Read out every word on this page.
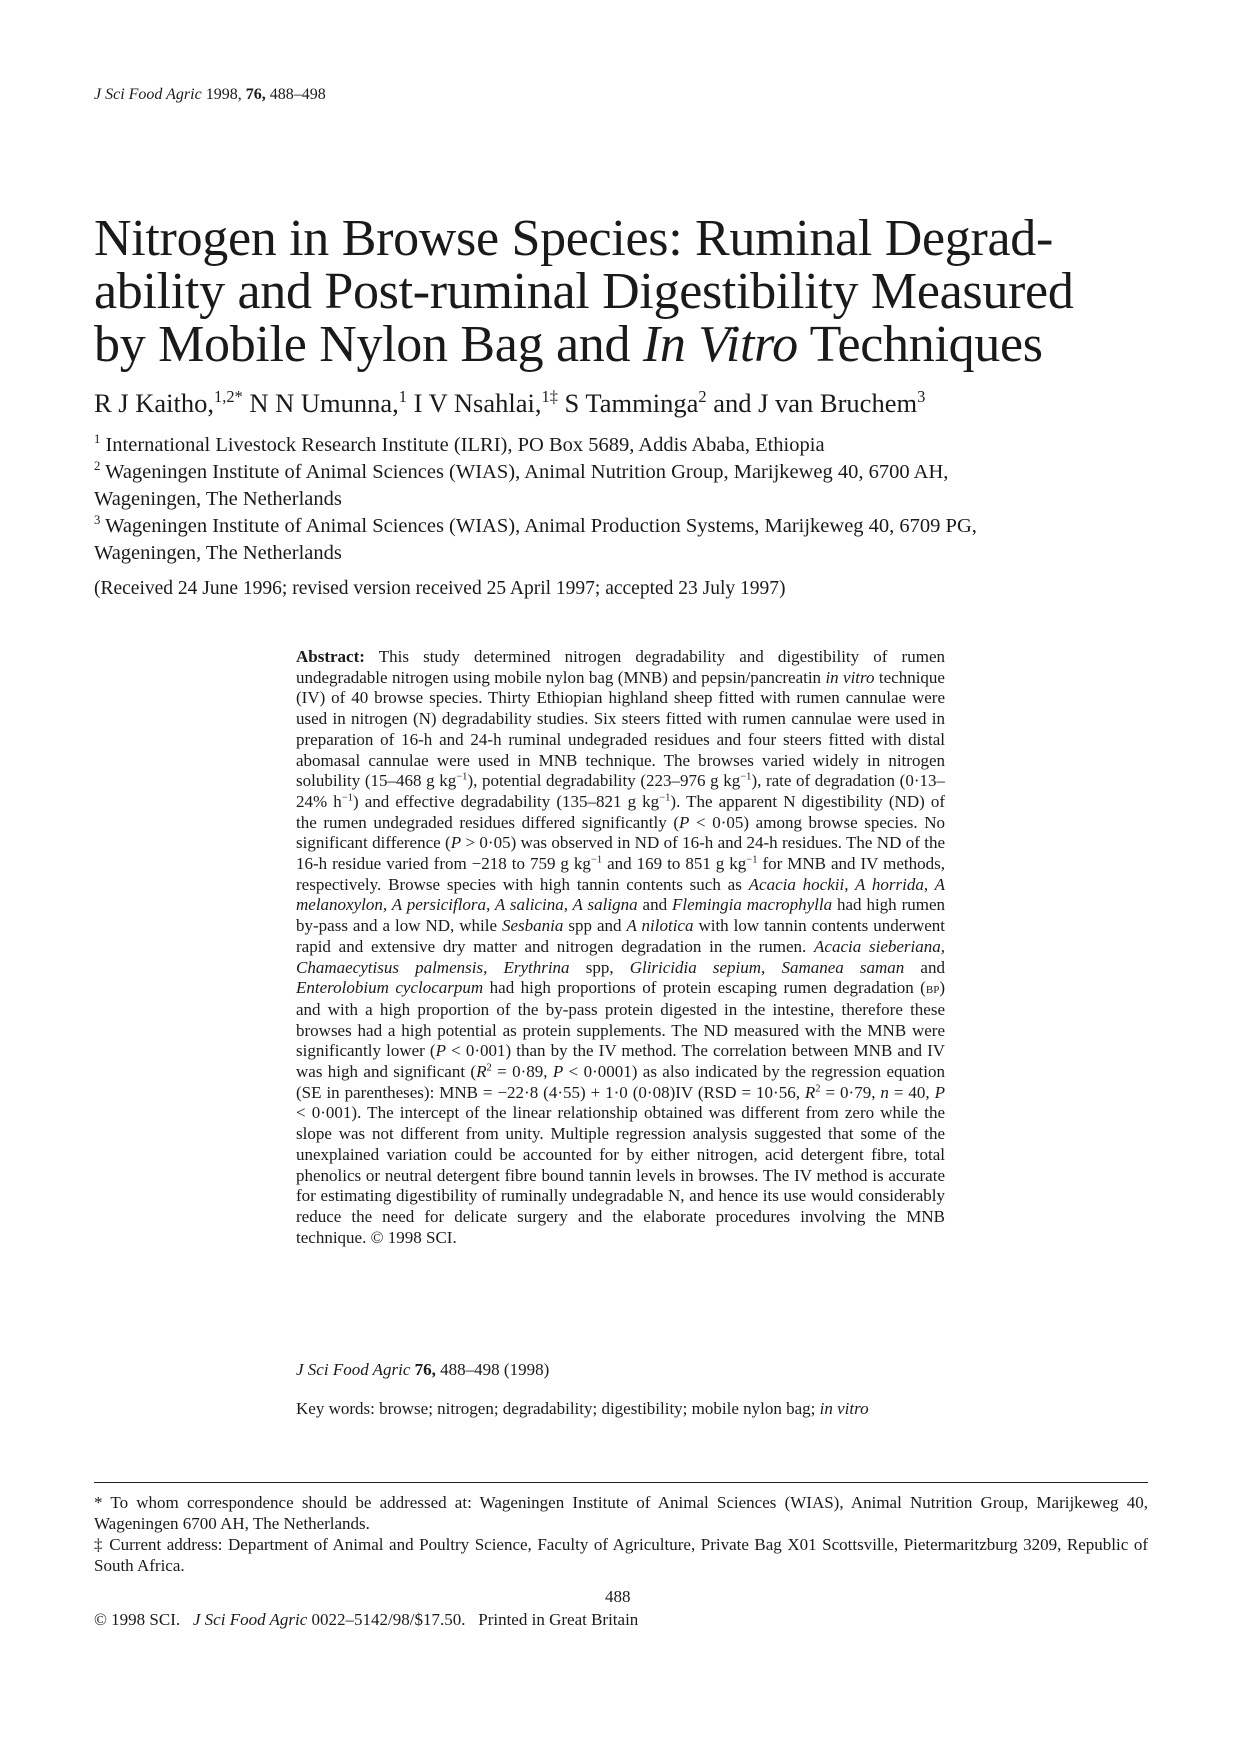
J Sci Food Agric 1998, 76, 488–498
Nitrogen in Browse Species: Ruminal Degrad-
ability and Post-ruminal Digestibility Measured
by Mobile Nylon Bag and In Vitro Techniques
R J Kaitho,$^{1,2*}$ N N Umunna,$^1$ I V Nsahlai,$^{1\ddagger}$ S Tamminga$^2$ and J van Bruchem$^3$
$^1$ International Livestock Research Institute (ILRI), PO Box 5689, Addis Ababa, Ethiopia
$^2$ Wageningen Institute of Animal Sciences (WIAS), Animal Nutrition Group, Marijkeweg 40, 6700 AH,
Wageningen, The Netherlands
$^3$ Wageningen Institute of Animal Sciences (WIAS), Animal Production Systems, Marijkeweg 40, 6709 PG,
Wageningen, The Netherlands
(Received 24 June 1996; revised version received 25 April 1997; accepted 23 July 1997)

Abstract: This study determined nitrogen degradability and digestibility of rumen undegradable nitrogen using mobile nylon bag (MNB) and pepsin/pancreatin in vitro technique (IV) of 40 browse species. Thirty Ethiopian highland sheep fitted with rumen cannulae were used in nitrogen (N) degradability studies. Six steers fitted with rumen cannulae were used in preparation of 16-h and 24-h ruminal undegraded residues and four steers fitted with distal abomasal cannulae were used in MNB technique. The browses varied widely in nitrogen solubility (15–468 g $kg^{-1}$), potential degradability (223–976 g $kg^{-1}$), rate of degradation (0·13–24% $h^{-1}$) and effective degradability (135–821 g $kg^{-1}$). The apparent N digestibility (ND) of the rumen undegraded residues differed significantly (P < 0·05) among browse species. No significant difference (P > 0·05) was observed in ND of 16-h and 24-h residues. The ND of the 16-h residue varied from −218 to 759 g $kg^{-1}$ and 169 to 851 g $kg^{-1}$ for MNB and IV methods, respectively. Browse species with high tannin contents such as Acacia hockii, A horrida, A melanoxylon, A persiciflora, A salicina, A saligna and Flemingia macrophylla had high rumen by-pass and a low ND, while Sesbania spp and A nilotica with low tannin contents underwent rapid and extensive dry matter and nitrogen degradation in the rumen. Acacia sieberiana, Chamaecytisus palmensis, Erythrina spp, Gliricidia sepium, Samanea saman and Enterolobium cyclocarpum had high proportions of protein escaping rumen degradation (bp) and with a high proportion of the by-pass protein digested in the intestine, therefore these browses had a high potential as protein supplements. The ND measured with the MNB were significantly lower (P < 0·001) than by the IV method. The correlation between MNB and IV was high and significant ($R^2 = 0\cdot 89$, P < 0·0001) as also indicated by the regression equation (SE in parentheses): MNB = −22·8 (4·55) + 1·0 (0·08)IV (RSD = 10·56, $R^2 = 0\cdot 79$, n = 40, P < 0·001). The intercept of the linear relationship obtained was different from zero while the slope was not different from unity. Multiple regression analysis suggested that some of the unexplained variation could be accounted for by either nitrogen, acid detergent fibre, total phenolics or neutral detergent fibre bound tannin levels in browses. The IV method is accurate for estimating digestibility of ruminally undegradable N, and hence its use would considerably reduce the need for delicate surgery and the elaborate procedures involving the MNB technique. © 1998 SCI.

J Sci Food Agric 76, 488–498 (1998)
Key words: browse; nitrogen; degradability; digestibility; mobile nylon bag; in vitro
* To whom correspondence should be addressed at: Wageningen Institute of Animal Sciences (WIAS), Animal Nutrition Group, Marijkeweg 40, Wageningen 6700 AH, The Netherlands.
‡ Current address: Department of Animal and Poultry Science, Faculty of Agriculture, Private Bag X01 Scottsville, Pietermaritzburg 3209, Republic of South Africa.
488
© 1998 SCI. J Sci Food Agric 0022–5142/98/$17.50. Printed in Great Britain
